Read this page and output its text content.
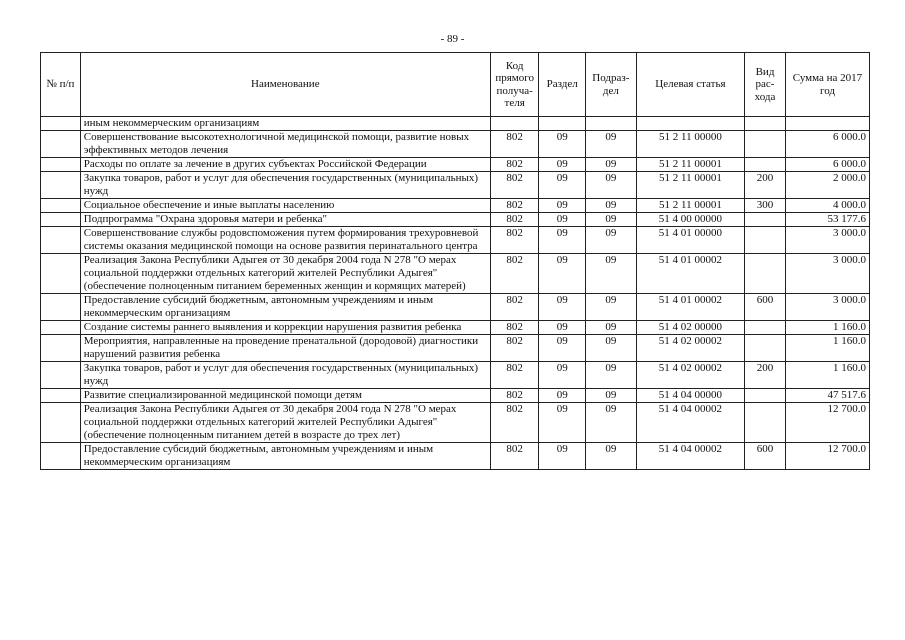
- 89 -
№ п/п	Наименование	Код прямого получа-теля	Раздел	Подраз-дел	Целевая статья	Вид рас-хода	Сумма на 2017 год
	иным некоммерческим организациям						
	Совершенствование высокотехнологичной медицинской помощи, развитие новых эффективных методов лечения	802	09	09	51 2 11 00000		6 000.0
	Расходы по оплате за лечение в других субъектах Российской Федерации	802	09	09	51 2 11 00001		6 000.0
	Закупка товаров, работ и услуг для обеспечения государственных (муниципальных) нужд	802	09	09	51 2 11 00001	200	2 000.0
	Социальное обеспечение и иные выплаты населению	802	09	09	51 2 11 00001	300	4 000.0
	Подпрограмма "Охрана здоровья матери и ребенка"	802	09	09	51 4 00 00000		53 177.6
	Совершенствование службы родовспоможения путем формирования трехуровневой системы оказания медицинской помощи на основе развития перинатального центра	802	09	09	51 4 01 00000		3 000.0
	Реализация Закона Республики Адыгея от 30 декабря 2004 года N 278 "О мерах социальной поддержки отдельных категорий жителей Республики Адыгея" (обеспечение полноценным питанием беременных женщин и кормящих матерей)	802	09	09	51 4 01 00002		3 000.0
	Предоставление субсидий бюджетным, автономным учреждениям и иным некоммерческим организациям	802	09	09	51 4 01 00002	600	3 000.0
	Создание системы раннего выявления и коррекции нарушения развития ребенка	802	09	09	51 4 02 00000		1 160.0
	Мероприятия, направленные на проведение пренатальной (дородовой) диагностики нарушений развития ребенка	802	09	09	51 4 02 00002		1 160.0
	Закупка товаров, работ и услуг для обеспечения государственных (муниципальных) нужд	802	09	09	51 4 02 00002	200	1 160.0
	Развитие специализированной медицинской помощи детям	802	09	09	51 4 04 00000		47 517.6
	Реализация Закона Республики Адыгея от 30 декабря 2004 года N 278 "О мерах социальной поддержки отдельных категорий жителей Республики Адыгея" (обеспечение полноценным питанием детей в возрасте до трех лет)	802	09	09	51 4 04 00002		12 700.0
	Предоставление субсидий бюджетным, автономным учреждениям и иным некоммерческим организациям	802	09	09	51 4 04 00002	600	12 700.0
